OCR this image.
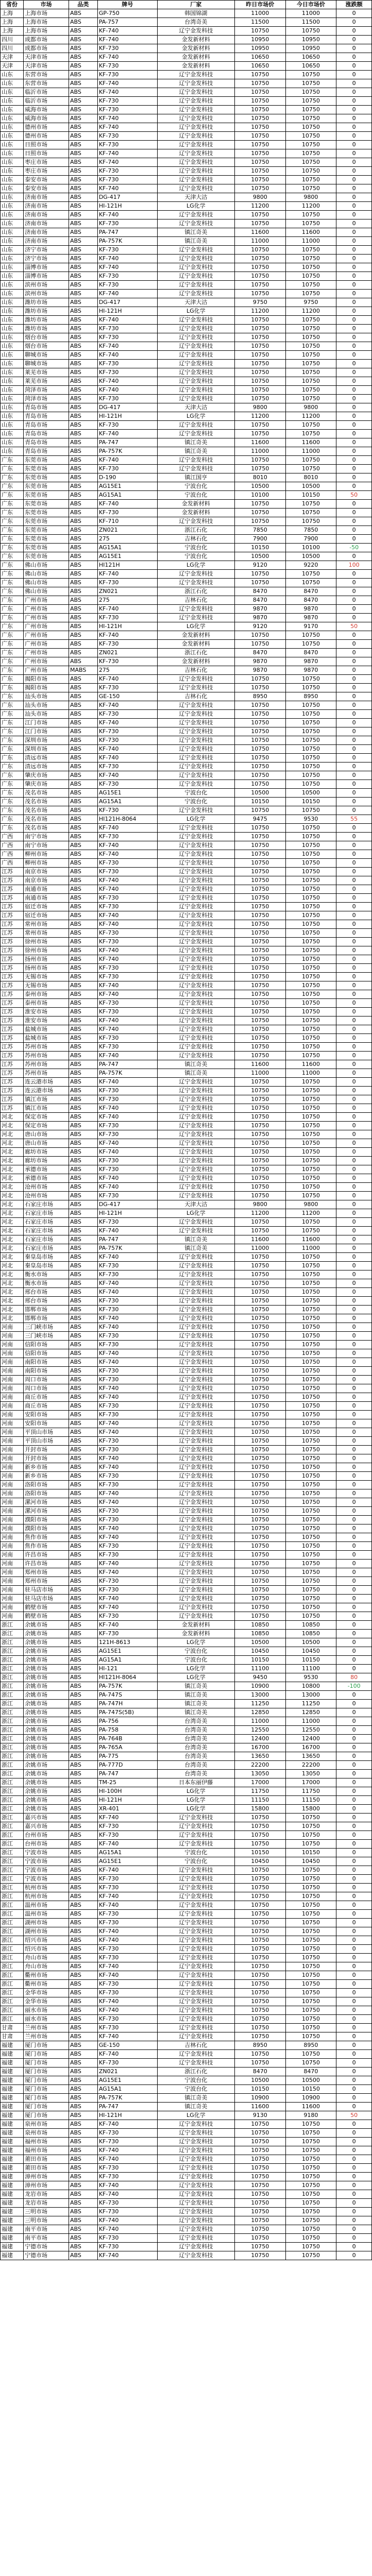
省份	市场	品类	牌号	厂家	昨日市场价	今日市场价	涨跌额
上海	上海市场	ABS	GP-750	韩国锦湖	11000	11000	0
上海	上海市场	ABS	PA-757	台湾奇美	11500	11500	0
上海	上海市场	ABS	KF-740	辽宁金发科技	10750	10750	0
四川	成都市场	ABS	KF-740	金发新材料	10950	10950	0
四川	成都市场	ABS	KF-730	金发新材料	10950	10950	0
天津	天津市场	ABS	KF-740	金发新材料	10650	10650	0
天津	天津市场	ABS	KF-730	金发新材料	10650	10650	0
山东	东营市场	ABS	KF-730	辽宁金发科技	10750	10750	0
山东	东营市场	ABS	KF-740	辽宁金发科技	10750	10750	0
山东	临沂市场	ABS	KF-740	辽宁金发科技	10750	10750	0
山东	临沂市场	ABS	KF-730	辽宁金发科技	10750	10750	0
山东	威海市场	ABS	KF-730	辽宁金发科技	10750	10750	0
山东	威海市场	ABS	KF-740	辽宁金发科技	10750	10750	0
山东	德州市场	ABS	KF-740	辽宁金发科技	10750	10750	0
山东	德州市场	ABS	KF-730	辽宁金发科技	10750	10750	0
山东	日照市场	ABS	KF-730	辽宁金发科技	10750	10750	0
山东	日照市场	ABS	KF-740	辽宁金发科技	10750	10750	0
山东	枣庄市场	ABS	KF-740	辽宁金发科技	10750	10750	0
山东	枣庄市场	ABS	KF-730	辽宁金发科技	10750	10750	0
山东	泰安市场	ABS	KF-730	辽宁金发科技	10750	10750	0
山东	泰安市场	ABS	KF-740	辽宁金发科技	10750	10750	0
山东	济南市场	ABS	DG-417	天津大沽	9800	9800	0
山东	济南市场	ABS	HI-121H	LG化学	11200	11200	0
山东	济南市场	ABS	KF-740	辽宁金发科技	10750	10750	0
山东	济南市场	ABS	KF-730	辽宁金发科技	10750	10750	0
山东	济南市场	ABS	PA-747	镇江奇美	11600	11600	0
山东	济南市场	ABS	PA-757K	镇江奇美	11000	11000	0
山东	济宁市场	ABS	KF-730	辽宁金发科技	10750	10750	0
山东	济宁市场	ABS	KF-740	辽宁金发科技	10750	10750	0
山东	淄博市场	ABS	KF-740	辽宁金发科技	10750	10750	0
山东	淄博市场	ABS	KF-730	辽宁金发科技	10750	10750	0
山东	滨州市场	ABS	KF-730	辽宁金发科技	10750	10750	0
山东	滨州市场	ABS	KF-740	辽宁金发科技	10750	10750	0
山东	潍坊市场	ABS	DG-417	天津大沽	9750	9750	0
山东	潍坊市场	ABS	HI-121H	LG化学	11200	11200	0
山东	潍坊市场	ABS	KF-740	辽宁金发科技	10750	10750	0
山东	潍坊市场	ABS	KF-730	辽宁金发科技	10750	10750	0
山东	烟台市场	ABS	KF-730	辽宁金发科技	10750	10750	0
山东	烟台市场	ABS	KF-740	辽宁金发科技	10750	10750	0
山东	聊城市场	ABS	KF-740	辽宁金发科技	10750	10750	0
山东	聊城市场	ABS	KF-730	辽宁金发科技	10750	10750	0
山东	莱芜市场	ABS	KF-730	辽宁金发科技	10750	10750	0
山东	莱芜市场	ABS	KF-740	辽宁金发科技	10750	10750	0
山东	菏泽市场	ABS	KF-740	辽宁金发科技	10750	10750	0
山东	菏泽市场	ABS	KF-730	辽宁金发科技	10750	10750	0
山东	青岛市场	ABS	DG-417	天津大沽	9800	9800	0
山东	青岛市场	ABS	HI-121H	LG化学	11200	11200	0
山东	青岛市场	ABS	KF-730	辽宁金发科技	10750	10750	0
山东	青岛市场	ABS	KF-740	辽宁金发科技	10750	10750	0
山东	青岛市场	ABS	PA-747	镇江奇美	11600	11600	0
山东	青岛市场	ABS	PA-757K	镇江奇美	11000	11000	0
广东	东莞市场	ABS	KF-740	辽宁金发科技	10750	10750	0
广东	东莞市场	ABS	KF-730	辽宁金发科技	10750	10750	0
广东	东莞市场	ABS	D-190	镇江国亨	8010	8010	0
广东	东莞市场	ABS	AG15E1	宁波台化	10500	10500	0
广东	东莞市场	ABS	AG15A1	宁波台化	10100	10150	50
广东	东莞市场	ABS	KF-740	金发新材料	10750	10750	0
广东	东莞市场	ABS	KF-730	金发新材料	10750	10750	0
广东	东莞市场	ABS	KF-710	辽宁金发科技	10750	10750	0
广东	东莞市场	ABS	ZN021	浙江石化	7850	7850	0
广东	东莞市场	ABS	275	吉林石化	7900	7900	0
广东	东莞市场	ABS	AG15A1	宁波台化	10150	10100	-50
广东	东莞市场	ABS	AG15E1	宁波台化	10500	10500	0
广东	佛山市场	ABS	HI121H	LG化学	9120	9220	100
广东	佛山市场	ABS	KF-740	辽宁金发科技	10750	10750	0
广东	佛山市场	ABS	KF-730	辽宁金发科技	10750	10750	0
广东	佛山市场	ABS	ZN021	浙江石化	8470	8470	0
广东	广州市场	ABS	275	吉林石化	8470	8470	0
广东	广州市场	ABS	KF-740	辽宁金发科技	9870	9870	0
广东	广州市场	ABS	KF-730	辽宁金发科技	9870	9870	0
广东	广州市场	ABS	HI-121H	LG化学	9120	9170	50
广东	广州市场	ABS	KF-740	金发新材料	10750	10750	0
广东	广州市场	ABS	KF-730	金发新材料	10750	10750	0
广东	广州市场	ABS	ZN021	浙江石化	8470	8470	0
广东	广州市场	ABS	KF-730	金发新材料	9870	9870	0
广东	广州市场	MABS	275	吉林石化	9870	9870	0
广东	揭阳市场	ABS	KF-740	辽宁金发科技	10750	10750	0
广东	揭阳市场	ABS	KF-730	辽宁金发科技	10750	10750	0
广东	汕头市场	ABS	GE-150	吉林石化	8950	8950	0
广东	汕头市场	ABS	KF-740	辽宁金发科技	10750	10750	0
广东	汕头市场	ABS	KF-730	辽宁金发科技	10750	10750	0
广东	江门市场	ABS	KF-740	辽宁金发科技	10750	10750	0
广东	江门市场	ABS	KF-730	辽宁金发科技	10750	10750	0
广东	深圳市场	ABS	KF-730	辽宁金发科技	10750	10750	0
广东	深圳市场	ABS	KF-740	辽宁金发科技	10750	10750	0
广东	清远市场	ABS	KF-740	辽宁金发科技	10750	10750	0
广东	清远市场	ABS	KF-730	辽宁金发科技	10750	10750	0
广东	肇庆市场	ABS	KF-740	辽宁金发科技	10750	10750	0
广东	肇庆市场	ABS	KF-730	辽宁金发科技	10750	10750	0
广东	茂名市场	ABS	AG15E1	宁波台化	10500	10500	0
广东	茂名市场	ABS	AG15A1	宁波台化	10150	10150	0
广东	茂名市场	ABS	KF-730	辽宁金发科技	10750	10750	0
广东	茂名市场	ABS	HI121H-8064	LG化学	9475	9530	55
广东	茂名市场	ABS	KF-740	辽宁金发科技	10750	10750	0
广西	南宁市场	ABS	KF-730	辽宁金发科技	10750	10750	0
广西	南宁市场	ABS	KF-740	辽宁金发科技	10750	10750	0
广西	柳州市场	ABS	KF-740	辽宁金发科技	10750	10750	0
广西	柳州市场	ABS	KF-730	辽宁金发科技	10750	10750	0
江苏	南京市场	ABS	KF-730	辽宁金发科技	10750	10750	0
江苏	南京市场	ABS	KF-740	辽宁金发科技	10750	10750	0
江苏	南通市场	ABS	KF-740	辽宁金发科技	10750	10750	0
江苏	南通市场	ABS	KF-730	辽宁金发科技	10750	10750	0
江苏	宿迁市场	ABS	KF-730	辽宁金发科技	10750	10750	0
江苏	宿迁市场	ABS	KF-740	辽宁金发科技	10750	10750	0
江苏	常州市场	ABS	KF-740	辽宁金发科技	10750	10750	0
江苏	常州市场	ABS	KF-730	辽宁金发科技	10750	10750	0
江苏	徐州市场	ABS	KF-730	辽宁金发科技	10750	10750	0
江苏	徐州市场	ABS	KF-740	辽宁金发科技	10750	10750	0
江苏	扬州市场	ABS	KF-740	辽宁金发科技	10750	10750	0
江苏	扬州市场	ABS	KF-730	辽宁金发科技	10750	10750	0
江苏	无锡市场	ABS	KF-730	辽宁金发科技	10750	10750	0
江苏	无锡市场	ABS	KF-740	辽宁金发科技	10750	10750	0
江苏	泰州市场	ABS	KF-740	辽宁金发科技	10750	10750	0
江苏	泰州市场	ABS	KF-730	辽宁金发科技	10750	10750	0
江苏	淮安市场	ABS	KF-730	辽宁金发科技	10750	10750	0
江苏	淮安市场	ABS	KF-740	辽宁金发科技	10750	10750	0
江苏	盐城市场	ABS	KF-740	辽宁金发科技	10750	10750	0
江苏	盐城市场	ABS	KF-730	辽宁金发科技	10750	10750	0
江苏	苏州市场	ABS	KF-730	辽宁金发科技	10750	10750	0
江苏	苏州市场	ABS	KF-740	辽宁金发科技	10750	10750	0
江苏	苏州市场	ABS	PA-747	镇江奇美	11600	11600	0
江苏	苏州市场	ABS	PA-757K	镇江奇美	11000	11000	0
江苏	连云港市场	ABS	KF-740	辽宁金发科技	10750	10750	0
江苏	连云港市场	ABS	KF-730	辽宁金发科技	10750	10750	0
江苏	镇江市场	ABS	KF-730	辽宁金发科技	10750	10750	0
江苏	镇江市场	ABS	KF-740	辽宁金发科技	10750	10750	0
河北	保定市场	ABS	KF-740	辽宁金发科技	10750	10750	0
河北	保定市场	ABS	KF-730	辽宁金发科技	10750	10750	0
河北	唐山市场	ABS	KF-730	辽宁金发科技	10750	10750	0
河北	唐山市场	ABS	KF-740	辽宁金发科技	10750	10750	0
河北	廊坊市场	ABS	KF-740	辽宁金发科技	10750	10750	0
河北	廊坊市场	ABS	KF-730	辽宁金发科技	10750	10750	0
河北	承德市场	ABS	KF-730	辽宁金发科技	10750	10750	0
河北	承德市场	ABS	KF-740	辽宁金发科技	10750	10750	0
河北	沧州市场	ABS	KF-740	辽宁金发科技	10750	10750	0
河北	沧州市场	ABS	KF-730	辽宁金发科技	10750	10750	0
河北	石家庄市场	ABS	DG-417	天津大沽	9800	9800	0
河北	石家庄市场	ABS	HI-121H	LG化学	11200	11200	0
河北	石家庄市场	ABS	KF-730	辽宁金发科技	10750	10750	0
河北	石家庄市场	ABS	KF-740	辽宁金发科技	10750	10750	0
河北	石家庄市场	ABS	PA-747	镇江奇美	11600	11600	0
河北	石家庄市场	ABS	PA-757K	镇江奇美	11000	11000	0
河北	秦皇岛市场	ABS	KF-740	辽宁金发科技	10750	10750	0
河北	秦皇岛市场	ABS	KF-730	辽宁金发科技	10750	10750	0
河北	衡水市场	ABS	KF-730	辽宁金发科技	10750	10750	0
河北	衡水市场	ABS	KF-740	辽宁金发科技	10750	10750	0
河北	邢台市场	ABS	KF-740	辽宁金发科技	10750	10750	0
河北	邢台市场	ABS	KF-730	辽宁金发科技	10750	10750	0
河北	邯郸市场	ABS	KF-730	辽宁金发科技	10750	10750	0
河北	邯郸市场	ABS	KF-740	辽宁金发科技	10750	10750	0
河南	三门峡市场	ABS	KF-740	辽宁金发科技	10750	10750	0
河南	三门峡市场	ABS	KF-730	辽宁金发科技	10750	10750	0
河南	信阳市场	ABS	KF-730	辽宁金发科技	10750	10750	0
河南	信阳市场	ABS	KF-740	辽宁金发科技	10750	10750	0
河南	南阳市场	ABS	KF-740	辽宁金发科技	10750	10750	0
河南	南阳市场	ABS	KF-730	辽宁金发科技	10750	10750	0
河南	周口市场	ABS	KF-730	辽宁金发科技	10750	10750	0
河南	周口市场	ABS	KF-740	辽宁金发科技	10750	10750	0
河南	商丘市场	ABS	KF-740	辽宁金发科技	10750	10750	0
河南	商丘市场	ABS	KF-730	辽宁金发科技	10750	10750	0
河南	安阳市场	ABS	KF-730	辽宁金发科技	10750	10750	0
河南	安阳市场	ABS	KF-740	辽宁金发科技	10750	10750	0
河南	平顶山市场	ABS	KF-740	辽宁金发科技	10750	10750	0
河南	平顶山市场	ABS	KF-730	辽宁金发科技	10750	10750	0
河南	开封市场	ABS	KF-730	辽宁金发科技	10750	10750	0
河南	开封市场	ABS	KF-740	辽宁金发科技	10750	10750	0
河南	新乡市场	ABS	KF-740	辽宁金发科技	10750	10750	0
河南	新乡市场	ABS	KF-730	辽宁金发科技	10750	10750	0
河南	洛阳市场	ABS	KF-730	辽宁金发科技	10750	10750	0
河南	洛阳市场	ABS	KF-740	辽宁金发科技	10750	10750	0
河南	漯河市场	ABS	KF-740	辽宁金发科技	10750	10750	0
河南	漯河市场	ABS	KF-730	辽宁金发科技	10750	10750	0
河南	濮阳市场	ABS	KF-730	辽宁金发科技	10750	10750	0
河南	濮阳市场	ABS	KF-740	辽宁金发科技	10750	10750	0
河南	焦作市场	ABS	KF-740	辽宁金发科技	10750	10750	0
河南	焦作市场	ABS	KF-730	辽宁金发科技	10750	10750	0
河南	许昌市场	ABS	KF-730	辽宁金发科技	10750	10750	0
河南	许昌市场	ABS	KF-740	辽宁金发科技	10750	10750	0
河南	郑州市场	ABS	KF-740	辽宁金发科技	10750	10750	0
河南	郑州市场	ABS	KF-730	辽宁金发科技	10750	10750	0
河南	驻马店市场	ABS	KF-730	辽宁金发科技	10750	10750	0
河南	驻马店市场	ABS	KF-740	辽宁金发科技	10750	10750	0
河南	鹤壁市场	ABS	KF-740	辽宁金发科技	10750	10750	0
河南	鹤壁市场	ABS	KF-730	辽宁金发科技	10750	10750	0
浙江	余姚市场	ABS	KF-740	金发新材料	10850	10850	0
浙江	余姚市场	ABS	KF-730	金发新材料	10850	10850	0
浙江	余姚市场	ABS	121H-8613	LG化学	10500	10500	0
浙江	余姚市场	ABS	AG15E1	宁波台化	10450	10450	0
浙江	余姚市场	ABS	AG15A1	宁波台化	10150	10150	0
浙江	余姚市场	ABS	HI-121	LG化学	11100	11100	0
浙江	余姚市场	ABS	HI121H-8064	LG化学	9450	9530	80
浙江	余姚市场	ABS	PA-757K	镇江奇美	10900	10800	-100
浙江	余姚市场	ABS	PA-747S	镇江奇美	13000	13000	0
浙江	余姚市场	ABS	PA-747H	镇江奇美	11250	11250	0
浙江	余姚市场	ABS	PA-747S(5B)	镇江奇美	12850	12850	0
浙江	余姚市场	ABS	PA-756	台湾奇美	11000	11000	0
浙江	余姚市场	ABS	PA-758	台湾奇美	12550	12550	0
浙江	余姚市场	ABS	PA-764B	台湾奇美	12400	12400	0
浙江	余姚市场	ABS	PA-765A	台湾奇美	16700	16700	0
浙江	余姚市场	ABS	PA-775	台湾奇美	13650	13650	0
浙江	余姚市场	ABS	PA-777D	台湾奇美	22200	22200	0
浙江	余姚市场	ABS	PA-747	台湾奇美	13050	13050	0
浙江	余姚市场	ABS	TM-25	日本东丽伊藤	17000	17000	0
浙江	余姚市场	ABS	HI-100H	LG化学	11750	11750	0
浙江	余姚市场	ABS	HI-121H	LG化学	11150	11150	0
浙江	余姚市场	ABS	XR-401	LG化学	15800	15800	0
浙江	嘉兴市场	ABS	KF-740	辽宁金发科技	10750	10750	0
浙江	嘉兴市场	ABS	KF-730	辽宁金发科技	10750	10750	0
浙江	台州市场	ABS	KF-730	辽宁金发科技	10750	10750	0
浙江	台州市场	ABS	KF-740	辽宁金发科技	10750	10750	0
浙江	宁波市场	ABS	AG15A1	宁波台化	10150	10150	0
浙江	宁波市场	ABS	AG15E1	宁波台化	10450	10450	0
浙江	宁波市场	ABS	KF-740	辽宁金发科技	10750	10750	0
浙江	宁波市场	ABS	KF-730	辽宁金发科技	10750	10750	0
浙江	杭州市场	ABS	KF-730	辽宁金发科技	10750	10750	0
浙江	杭州市场	ABS	KF-740	辽宁金发科技	10750	10750	0
浙江	温州市场	ABS	KF-740	辽宁金发科技	10750	10750	0
浙江	温州市场	ABS	KF-730	辽宁金发科技	10750	10750	0
浙江	湖州市场	ABS	KF-730	辽宁金发科技	10750	10750	0
浙江	湖州市场	ABS	KF-740	辽宁金发科技	10750	10750	0
浙江	绍兴市场	ABS	KF-740	辽宁金发科技	10750	10750	0
浙江	绍兴市场	ABS	KF-730	辽宁金发科技	10750	10750	0
浙江	舟山市场	ABS	KF-730	辽宁金发科技	10750	10750	0
浙江	舟山市场	ABS	KF-740	辽宁金发科技	10750	10750	0
浙江	衢州市场	ABS	KF-740	辽宁金发科技	10750	10750	0
浙江	衢州市场	ABS	KF-730	辽宁金发科技	10750	10750	0
浙江	金华市场	ABS	KF-730	辽宁金发科技	10750	10750	0
浙江	金华市场	ABS	KF-740	辽宁金发科技	10750	10750	0
浙江	丽水市场	ABS	KF-740	辽宁金发科技	10750	10750	0
浙江	丽水市场	ABS	KF-730	辽宁金发科技	10750	10750	0
甘肃	兰州市场	ABS	KF-730	辽宁金发科技	10750	10750	0
甘肃	兰州市场	ABS	KF-740	辽宁金发科技	10750	10750	0
福建	厦门市场	ABS	GE-150	吉林石化	8950	8950	0
福建	厦门市场	ABS	KF-740	辽宁金发科技	10750	10750	0
福建	厦门市场	ABS	KF-730	辽宁金发科技	10750	10750	0
福建	厦门市场	ABS	ZN021	浙江石化	8470	8470	0
福建	厦门市场	ABS	AG15E1	宁波台化	10500	10500	0
福建	厦门市场	ABS	AG15A1	宁波台化	10150	10150	0
福建	厦门市场	ABS	PA-757K	镇江奇美	10900	10900	0
福建	厦门市场	ABS	PA-747	镇江奇美	11600	11600	0
福建	厦门市场	ABS	HI-121H	LG化学	9130	9180	50
福建	泉州市场	ABS	KF-740	辽宁金发科技	10750	10750	0
福建	泉州市场	ABS	KF-730	辽宁金发科技	10750	10750	0
福建	福州市场	ABS	KF-730	辽宁金发科技	10750	10750	0
福建	福州市场	ABS	KF-740	辽宁金发科技	10750	10750	0
福建	莆田市场	ABS	KF-740	辽宁金发科技	10750	10750	0
福建	莆田市场	ABS	KF-730	辽宁金发科技	10750	10750	0
福建	漳州市场	ABS	KF-730	辽宁金发科技	10750	10750	0
福建	漳州市场	ABS	KF-740	辽宁金发科技	10750	10750	0
福建	龙岩市场	ABS	KF-740	辽宁金发科技	10750	10750	0
福建	龙岩市场	ABS	KF-730	辽宁金发科技	10750	10750	0
福建	三明市场	ABS	KF-730	辽宁金发科技	10750	10750	0
福建	三明市场	ABS	KF-740	辽宁金发科技	10750	10750	0
福建	南平市场	ABS	KF-740	辽宁金发科技	10750	10750	0
福建	南平市场	ABS	KF-730	辽宁金发科技	10750	10750	0
福建	宁德市场	ABS	KF-730	辽宁金发科技	10750	10750	0
福建	宁德市场	ABS	KF-740	辽宁金发科技	10750	10750	0
